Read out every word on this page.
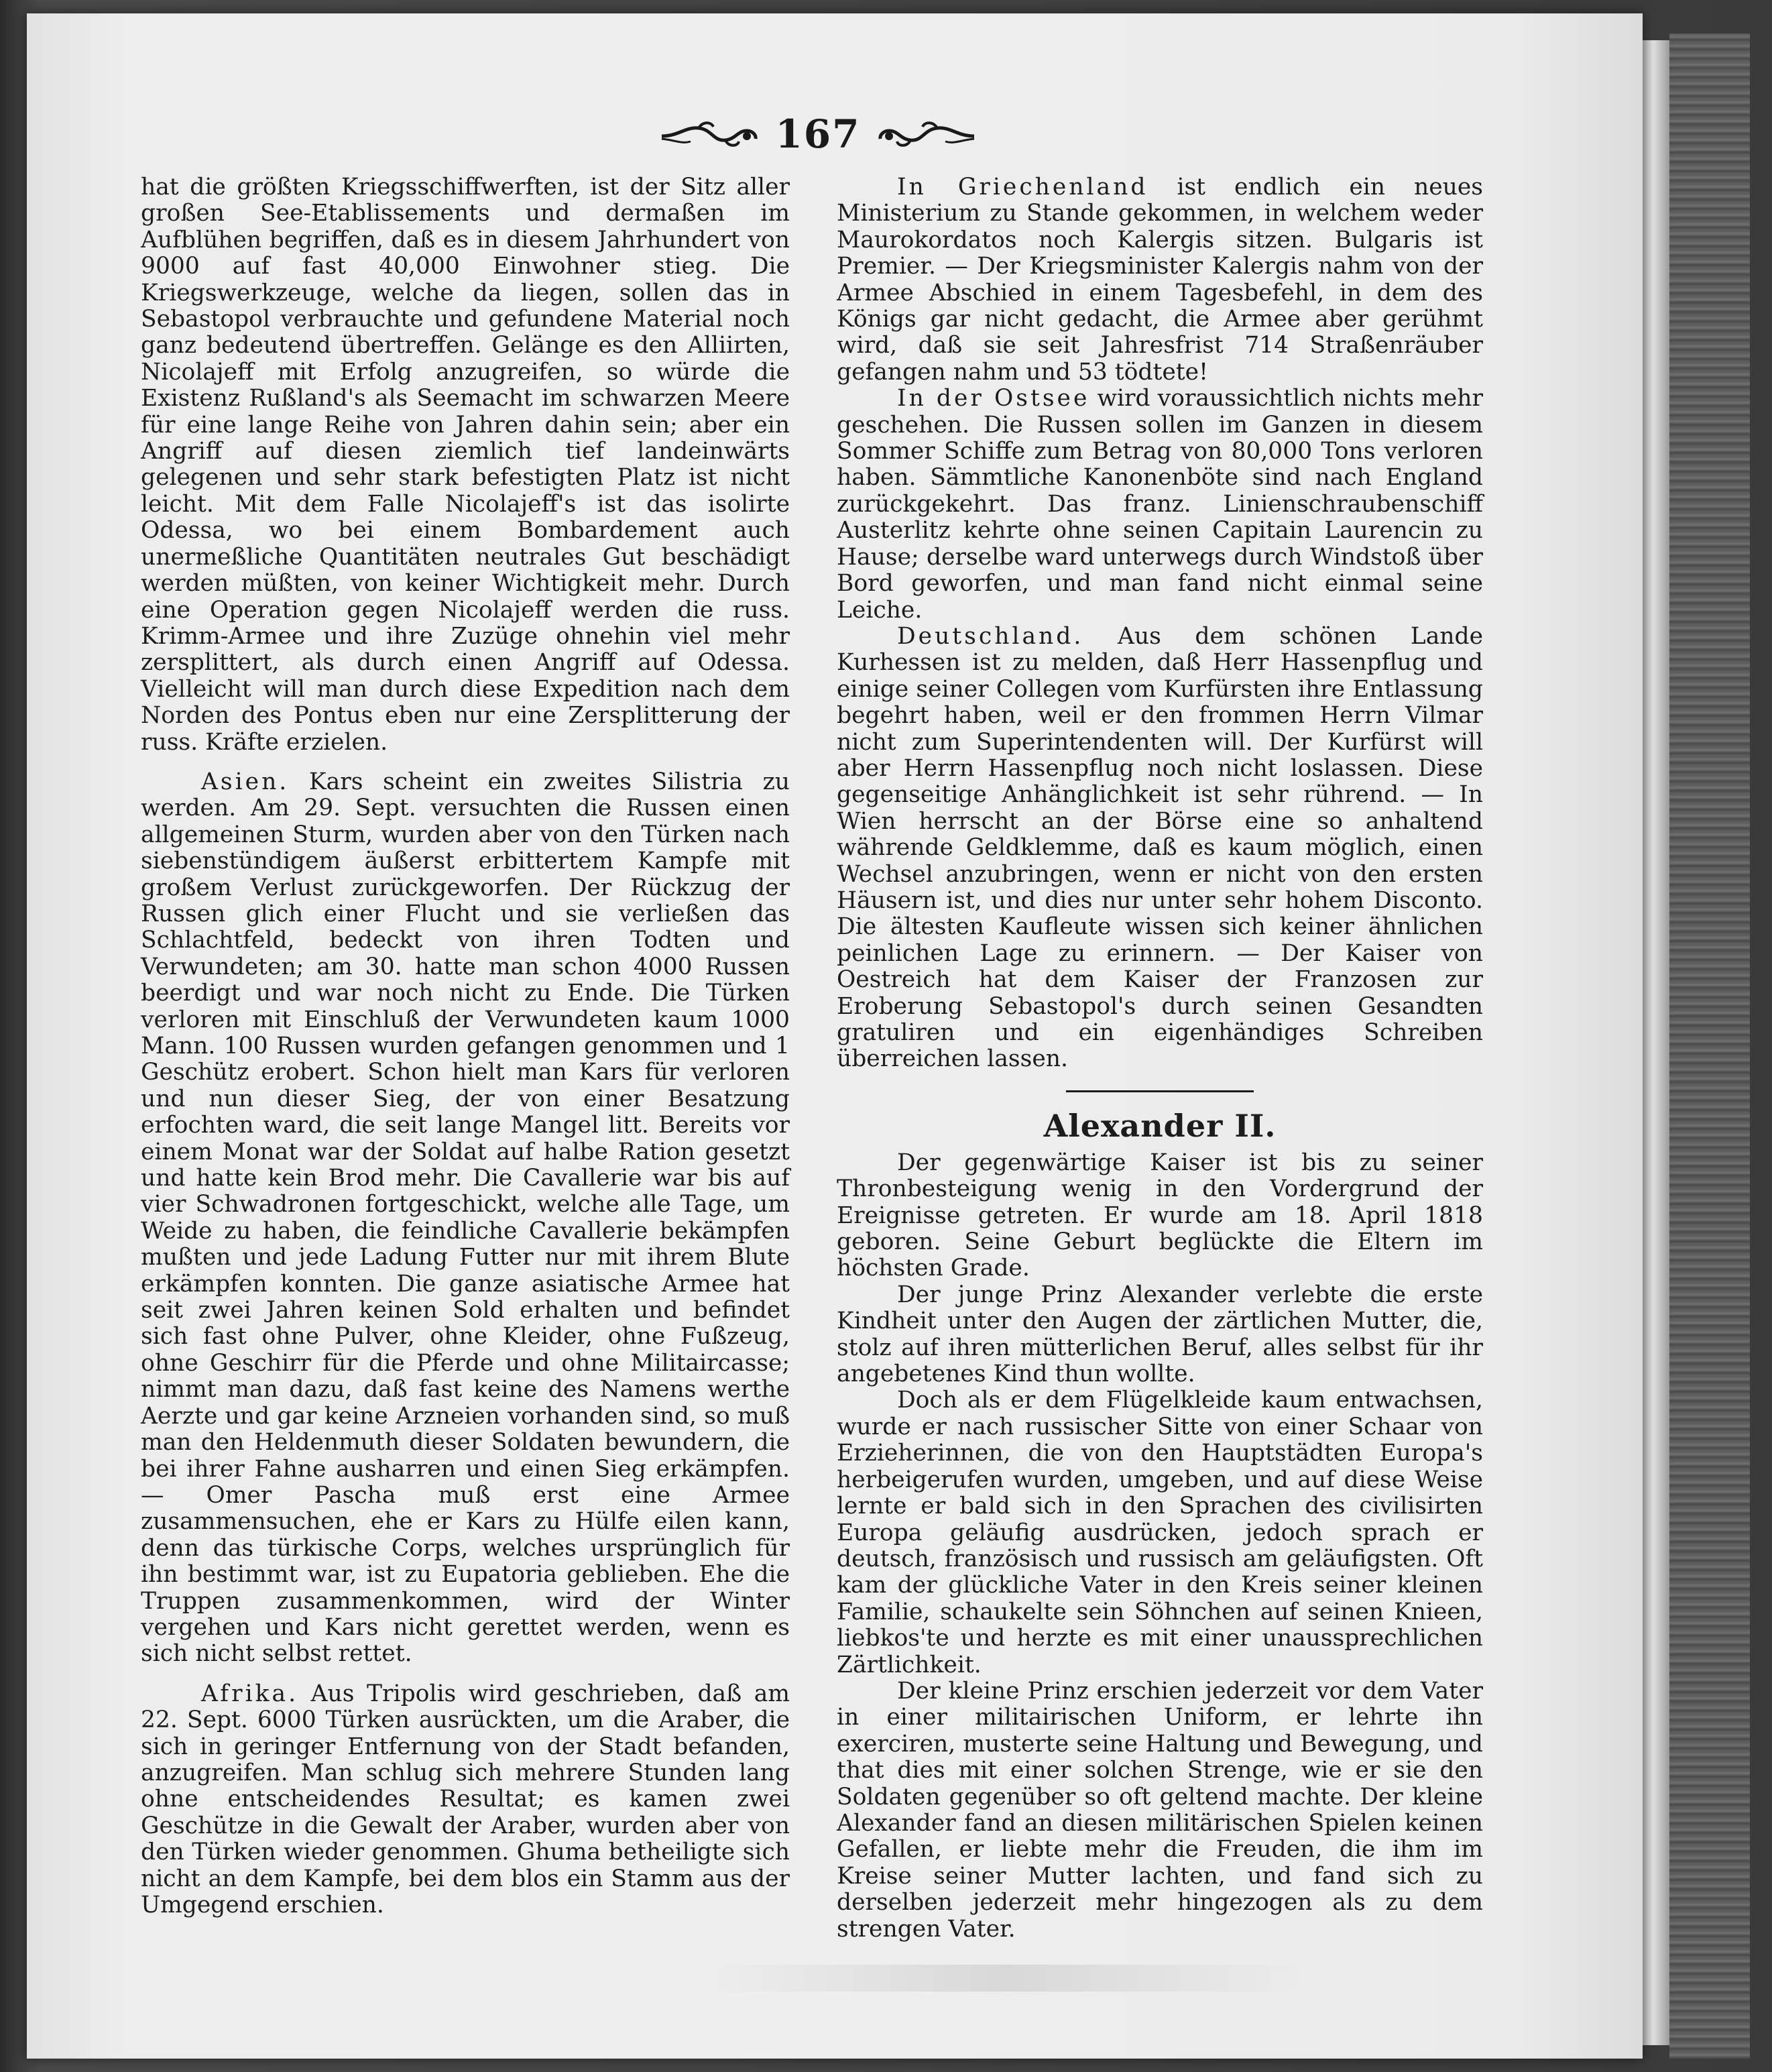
167

hat die größten Kriegsschiffwerften, ist der Sitz aller großen See-Etablissements und dermaßen im Aufblühen begriffen, daß es in diesem Jahrhundert von 9000 auf fast 40,000 Einwohner stieg. Die Kriegswerkzeuge, welche da liegen, sollen das in Sebastopol verbrauchte und gefundene Material noch ganz bedeutend übertreffen. Gelänge es den Alliirten, Nicolajeff mit Erfolg anzugreifen, so würde die Existenz Rußland's als Seemacht im schwarzen Meere für eine lange Reihe von Jahren dahin sein; aber ein Angriff auf diesen ziemlich tief landeinwärts gelegenen und sehr stark befestigten Platz ist nicht leicht. Mit dem Falle Nicolajeff's ist das isolirte Odessa, wo bei einem Bombardement auch unermeßliche Quantitäten neutrales Gut beschädigt werden müßten, von keiner Wichtigkeit mehr. Durch eine Operation gegen Nicolajeff werden die russ. Krimm-Armee und ihre Zuzüge ohnehin viel mehr zersplittert, als durch einen Angriff auf Odessa. Vielleicht will man durch diese Expedition nach dem Norden des Pontus eben nur eine Zersplitterung der russ. Kräfte erzielen.

Asien. Kars scheint ein zweites Silistria zu werden. Am 29. Sept. versuchten die Russen einen allgemeinen Sturm, wurden aber von den Türken nach siebenstündigem äußerst erbittertem Kampfe mit großem Verlust zurückgeworfen. Der Rückzug der Russen glich einer Flucht und sie verließen das Schlachtfeld, bedeckt von ihren Todten und Verwundeten; am 30. hatte man schon 4000 Russen beerdigt und war noch nicht zu Ende. Die Türken verloren mit Einschluß der Verwundeten kaum 1000 Mann. 100 Russen wurden gefangen genommen und 1 Geschütz erobert. Schon hielt man Kars für verloren und nun dieser Sieg, der von einer Besatzung erfochten ward, die seit lange Mangel litt. Bereits vor einem Monat war der Soldat auf halbe Ration gesetzt und hatte kein Brod mehr. Die Cavallerie war bis auf vier Schwadronen fortgeschickt, welche alle Tage, um Weide zu haben, die feindliche Cavallerie bekämpfen mußten und jede Ladung Futter nur mit ihrem Blute erkämpfen konnten. Die ganze asiatische Armee hat seit zwei Jahren keinen Sold erhalten und befindet sich fast ohne Pulver, ohne Kleider, ohne Fußzeug, ohne Geschirr für die Pferde und ohne Militaircasse; nimmt man dazu, daß fast keine des Namens werthe Aerzte und gar keine Arzneien vorhanden sind, so muß man den Heldenmuth dieser Soldaten bewundern, die bei ihrer Fahne ausharren und einen Sieg erkämpfen. — Omer Pascha muß erst eine Armee zusammensuchen, ehe er Kars zu Hülfe eilen kann, denn das türkische Corps, welches ursprünglich für ihn bestimmt war, ist zu Eupatoria geblieben. Ehe die Truppen zusammenkommen, wird der Winter vergehen und Kars nicht gerettet werden, wenn es sich nicht selbst rettet.

Afrika. Aus Tripolis wird geschrieben, daß am 22. Sept. 6000 Türken ausrückten, um die Araber, die sich in geringer Entfernung von der Stadt befanden, anzugreifen. Man schlug sich mehrere Stunden lang ohne entscheidendes Resultat; es kamen zwei Geschütze in die Gewalt der Araber, wurden aber von den Türken wieder genommen. Ghuma betheiligte sich nicht an dem Kampfe, bei dem blos ein Stamm aus der Umgegend erschien.

In Griechenland ist endlich ein neues Ministerium zu Stande gekommen, in welchem weder Maurokordatos noch Kalergis sitzen. Bulgaris ist Premier. — Der Kriegsminister Kalergis nahm von der Armee Abschied in einem Tagesbefehl, in dem des Königs gar nicht gedacht, die Armee aber gerühmt wird, daß sie seit Jahresfrist 714 Straßenräuber gefangen nahm und 53 tödtete!

In der Ostsee wird voraussichtlich nichts mehr geschehen. Die Russen sollen im Ganzen in diesem Sommer Schiffe zum Betrag von 80,000 Tons verloren haben. Sämmtliche Kanonenböte sind nach England zurückgekehrt. Das franz. Linienschraubenschiff Austerlitz kehrte ohne seinen Capitain Laurencin zu Hause; derselbe ward unterwegs durch Windstoß über Bord geworfen, und man fand nicht einmal seine Leiche.

Deutschland. Aus dem schönen Lande Kurhessen ist zu melden, daß Herr Hassenpflug und einige seiner Collegen vom Kurfürsten ihre Entlassung begehrt haben, weil er den frommen Herrn Vilmar nicht zum Superintendenten will. Der Kurfürst will aber Herrn Hassenpflug noch nicht loslassen. Diese gegenseitige Anhänglichkeit ist sehr rührend. — In Wien herrscht an der Börse eine so anhaltend währende Geldklemme, daß es kaum möglich, einen Wechsel anzubringen, wenn er nicht von den ersten Häusern ist, und dies nur unter sehr hohem Disconto. Die ältesten Kaufleute wissen sich keiner ähnlichen peinlichen Lage zu erinnern. — Der Kaiser von Oestreich hat dem Kaiser der Franzosen zur Eroberung Sebastopol's durch seinen Gesandten gratuliren und ein eigenhändiges Schreiben überreichen lassen.

Alexander II.

Der gegenwärtige Kaiser ist bis zu seiner Thronbesteigung wenig in den Vordergrund der Ereignisse getreten. Er wurde am 18. April 1818 geboren. Seine Geburt beglückte die Eltern im höchsten Grade.

Der junge Prinz Alexander verlebte die erste Kindheit unter den Augen der zärtlichen Mutter, die, stolz auf ihren mütterlichen Beruf, alles selbst für ihr angebetenes Kind thun wollte.

Doch als er dem Flügelkleide kaum entwachsen, wurde er nach russischer Sitte von einer Schaar von Erzieherinnen, die von den Hauptstädten Europa's herbeigerufen wurden, umgeben, und auf diese Weise lernte er bald sich in den Sprachen des civilisirten Europa geläufig ausdrücken, jedoch sprach er deutsch, französisch und russisch am geläufigsten. Oft kam der glückliche Vater in den Kreis seiner kleinen Familie, schaukelte sein Söhnchen auf seinen Knieen, liebkos'te und herzte es mit einer unaussprechlichen Zärtlichkeit.

Der kleine Prinz erschien jederzeit vor dem Vater in einer militairischen Uniform, er lehrte ihn exerciren, musterte seine Haltung und Bewegung, und that dies mit einer solchen Strenge, wie er sie den Soldaten gegenüber so oft geltend machte. Der kleine Alexander fand an diesen militärischen Spielen keinen Gefallen, er liebte mehr die Freuden, die ihm im Kreise seiner Mutter lachten, und fand sich zu derselben jederzeit mehr hingezogen als zu dem strengen Vater.
